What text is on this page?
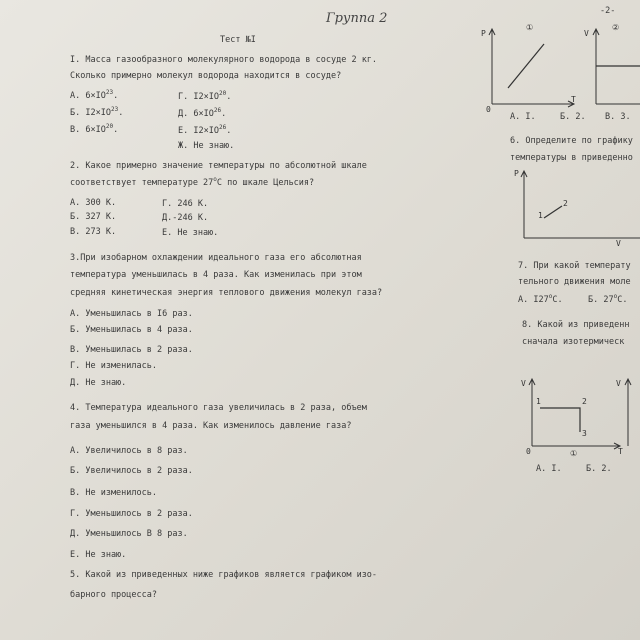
Группа 2	-2-
Тест №I
I. Масса газообразного молекулярного водорода в сосуде 2 кг.
Сколько примерно молекул водорода находится в сосуде?
А. $6\times IO^{23}$.
Б. $I2\times IO^{23}$.
В. $6\times IO^{20}$.
Г. $I2\times IO^{20}$.
Д. $6\times IO^{26}$.
Е. $I2\times IO^{26}$.
Ж. Не знаю.
2. Какое примерно значение температуры по абсолютной шкале
соответствует температуре 27$^o$C по шкале Цельсия?
А. 300 К.
Б. 327 К.
В. 273 К.
Г. 246 К.
Д.-246 К.
Е. Не знаю.
3.При изобарном охлаждении идеального газа его абсолютная
температура уменьшилась в 4 раза. Как изменилась при этом
средняя кинетическая энергия теплового движения молекул газа?
А. Уменьшилась в I6 раз.
Б. Уменьшилась в 4 раза.
В. Уменьшилась в 2 раза.
Г. Не изменилась.
Д. Не знаю.
4. Температура идеального газа увеличилась в 2 раза, объем
газа уменьшился в 4 раза. Как изменилось давление газа?
А. Увеличилось в 8 раз.
Б. Увеличилось в 2 раза.
В. Не изменилось.
Г. Уменьшилось в 2 раза.
Д. Уменьшилось В 8 раз.
Е. Не знаю.
5. Какой из приведенных ниже графиков является графиком изо-
барного процесса?
P
T
0
①
V
②
А. I.	Б. 2. В. 3.
6. Определите по графику
температуры в приведенно
P
V
1
2
7. При какой температу
тельного движения моле
А. I27$^o$С.	Б. 27$^o$С.
8. Какой из приведенн
сначала изотермическ
V
T
0
1	2
3
①
V
А. I.	Б. 2.
